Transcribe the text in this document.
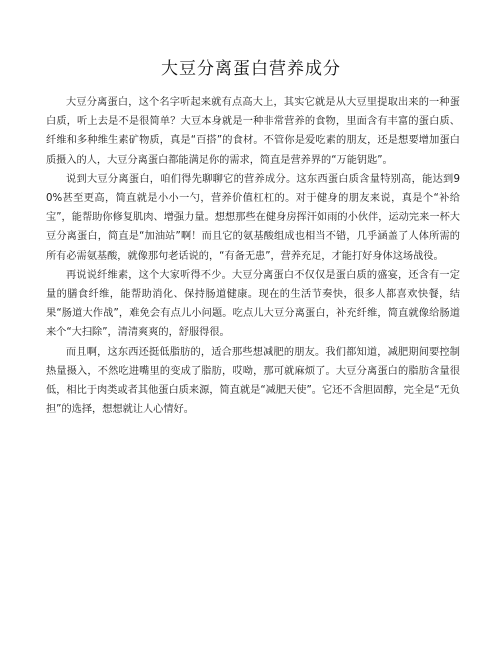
大豆分离蛋白营养成分

大豆分离蛋白，这个名字听起来就有点高大上，其实它就是从大豆里提取出来的一种蛋白质，听上去是不是很简单？大豆本身就是一种非常营养的食物，里面含有丰富的蛋白质、纤维和多种维生素矿物质，真是“百搭”的食材。不管你是爱吃素的朋友，还是想要增加蛋白质摄入的人，大豆分离蛋白都能满足你的需求，简直是营养界的“万能钥匙”。

说到大豆分离蛋白，咱们得先聊聊它的营养成分。这东西蛋白质含量特别高，能达到90%甚至更高，简直就是小小一勺，营养价值杠杠的。对于健身的朋友来说，真是个“补给宝”，能帮助你修复肌肉、增强力量。想想那些在健身房挥汗如雨的小伙伴，运动完来一杯大豆分离蛋白，简直是“加油站”啊！而且它的氨基酸组成也相当不错，几乎涵盖了人体所需的所有必需氨基酸，就像那句老话说的，“有备无患”，营养充足，才能打好身体这场战役。

再说说纤维素，这个大家听得不少。大豆分离蛋白不仅仅是蛋白质的盛宴，还含有一定量的膳食纤维，能帮助消化、保持肠道健康。现在的生活节奏快，很多人都喜欢快餐，结果“肠道大作战”，难免会有点儿小问题。吃点儿大豆分离蛋白，补充纤维，简直就像给肠道来个“大扫除”，清清爽爽的，舒服得很。

而且啊，这东西还挺低脂肪的，适合那些想减肥的朋友。我们都知道，减肥期间要控制热量摄入，不然吃进嘴里的变成了脂肪，哎呦，那可就麻烦了。大豆分离蛋白的脂肪含量很低，相比于肉类或者其他蛋白质来源，简直就是“减肥天使”。它还不含胆固醇，完全是“无负担”的选择，想想就让人心情好。
